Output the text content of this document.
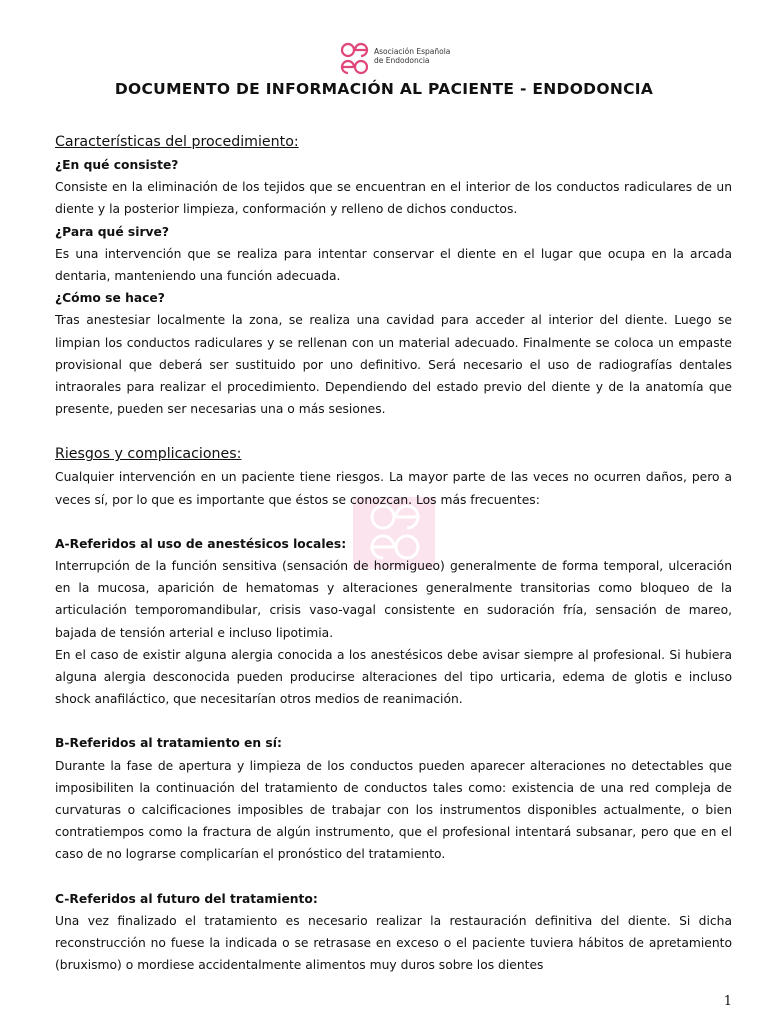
Asociación Española
de Endodoncia
DOCUMENTO DE INFORMACIÓN AL PACIENTE - ENDODONCIA
Características del procedimiento:
¿En qué consiste?

Consiste en la eliminación de los tejidos que se encuentran en el interior de los conductos radiculares de un diente y la posterior limpieza, conformación y relleno de dichos conductos.

¿Para qué sirve?

Es una intervención que se realiza para intentar conservar el diente en el lugar que ocupa en la arcada dentaria, manteniendo una función adecuada.

¿Cómo se hace?

Tras anestesiar localmente la zona, se realiza una cavidad para acceder al interior del diente. Luego se limpian los conductos radiculares y se rellenan con un material adecuado. Finalmente se coloca un empaste provisional que deberá ser sustituido por uno definitivo. Será necesario el uso de radiografías dentales intraorales para realizar el procedimiento. Dependiendo del estado previo del diente y de la anatomía que presente, pueden ser necesarias una o más sesiones.

Riesgos y complicaciones:

Cualquier intervención en un paciente tiene riesgos. La mayor parte de las veces no ocurren daños, pero a veces sí, por lo que es importante que éstos se conozcan. Los más frecuentes:

A-Referidos al uso de anestésicos locales:

Interrupción de la función sensitiva (sensación de hormigueo) generalmente de forma temporal, ulceración en la mucosa, aparición de hematomas y alteraciones generalmente transitorias como bloqueo de la articulación temporomandibular, crisis vaso-vagal consistente en sudoración fría, sensación de mareo, bajada de tensión arterial e incluso lipotimia.

En el caso de existir alguna alergia conocida a los anestésicos debe avisar siempre al profesional. Si hubiera alguna alergia desconocida pueden producirse alteraciones del tipo urticaria, edema de glotis e incluso shock anafiláctico, que necesitarían otros medios de reanimación.

B-Referidos al tratamiento en sí:

Durante la fase de apertura y limpieza de los conductos pueden aparecer alteraciones no detectables que imposibiliten la continuación del tratamiento de conductos tales como: existencia de una red compleja de curvaturas o calcificaciones imposibles de trabajar con los instrumentos disponibles actualmente, o bien contratiempos como la fractura de algún instrumento, que el profesional intentará subsanar, pero que en el caso de no lograrse complicarían el pronóstico del tratamiento.

C-Referidos al futuro del tratamiento:

Una vez finalizado el tratamiento es necesario realizar la restauración definitiva del diente. Si dicha reconstrucción no fuese la indicada o se retrasase en exceso o el paciente tuviera hábitos de apretamiento (bruxismo) o mordiese accidentalmente alimentos muy duros sobre los dientes

1
